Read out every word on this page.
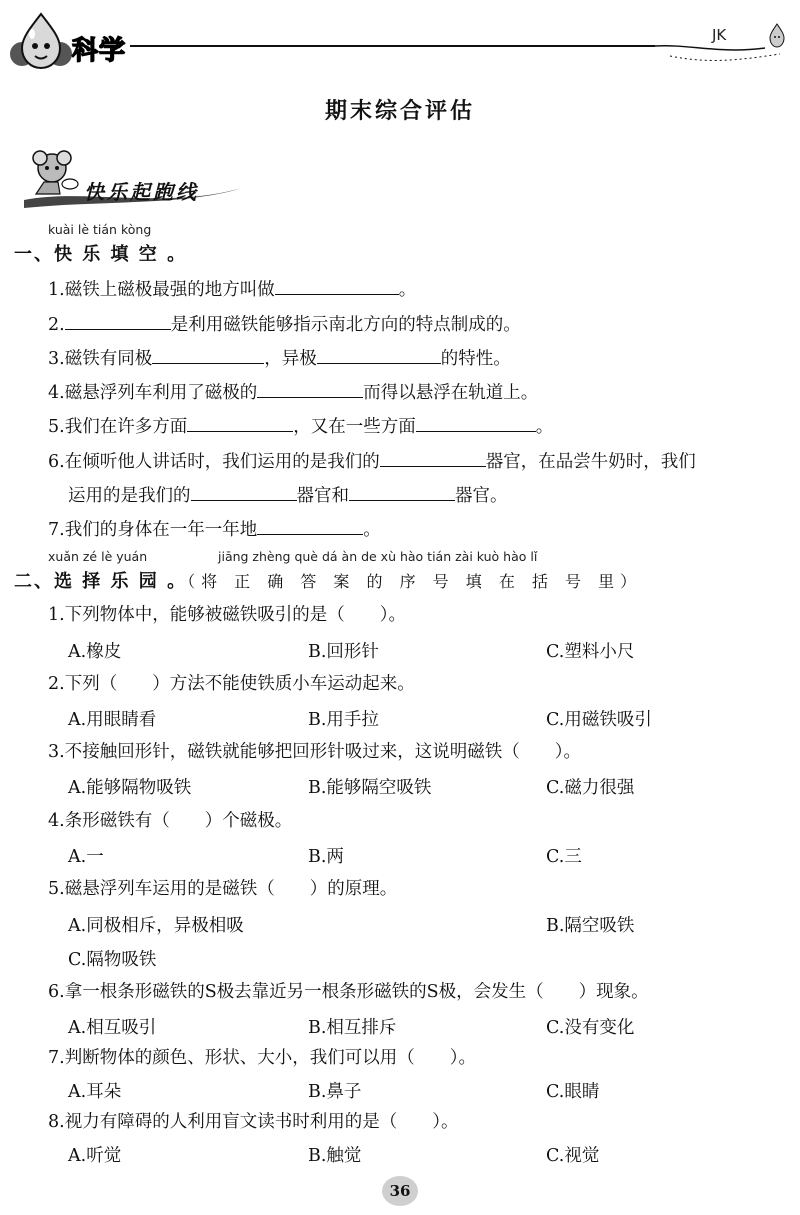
科学
JK
期末综合评估
快乐起跑线
kuài lè tián kòng
一、快 乐 填 空 。
1.磁铁上磁极最强的地方叫做	。
2.	是利用磁铁能够指示南北方向的特点制成的。
3.磁铁有同极	，异极	的特性。
4.磁悬浮列车利用了磁极的	而得以悬浮在轨道上。
5.我们在许多方面	，又在一些方面	。
6.在倾听他人讲话时，我们运用的是我们的	器官，在品尝牛奶时，我们
运用的是我们的	器官和	器官。
7.我们的身体在一年一年地	。
xuǎn zé lè yuán	jiāng zhèng què dá àn de xù hào tián zài kuò hào lǐ
二、选 择 乐 园 。（将 正 确 答 案 的 序 号 填 在 括 号 里）
1.下列物体中，能够被磁铁吸引的是（　　）。
A.橡皮	B.回形针	C.塑料小尺
2.下列（　　）方法不能使铁质小车运动起来。
A.用眼睛看	B.用手拉	C.用磁铁吸引
3.不接触回形针，磁铁就能够把回形针吸过来，这说明磁铁（　　）。
A.能够隔物吸铁	B.能够隔空吸铁	C.磁力很强
4.条形磁铁有（　　）个磁极。
A.一	B.两	C.三
5.磁悬浮列车运用的是磁铁（　　）的原理。
A.同极相斥，异极相吸	B.隔空吸铁
C.隔物吸铁
6.拿一根条形磁铁的S极去靠近另一根条形磁铁的S极，会发生（　　）现象。
A.相互吸引	B.相互排斥	C.没有变化
7.判断物体的颜色、形状、大小，我们可以用（　　）。
A.耳朵	B.鼻子	C.眼睛
8.视力有障碍的人利用盲文读书时利用的是（　　）。
A.听觉	B.触觉	C.视觉
36
